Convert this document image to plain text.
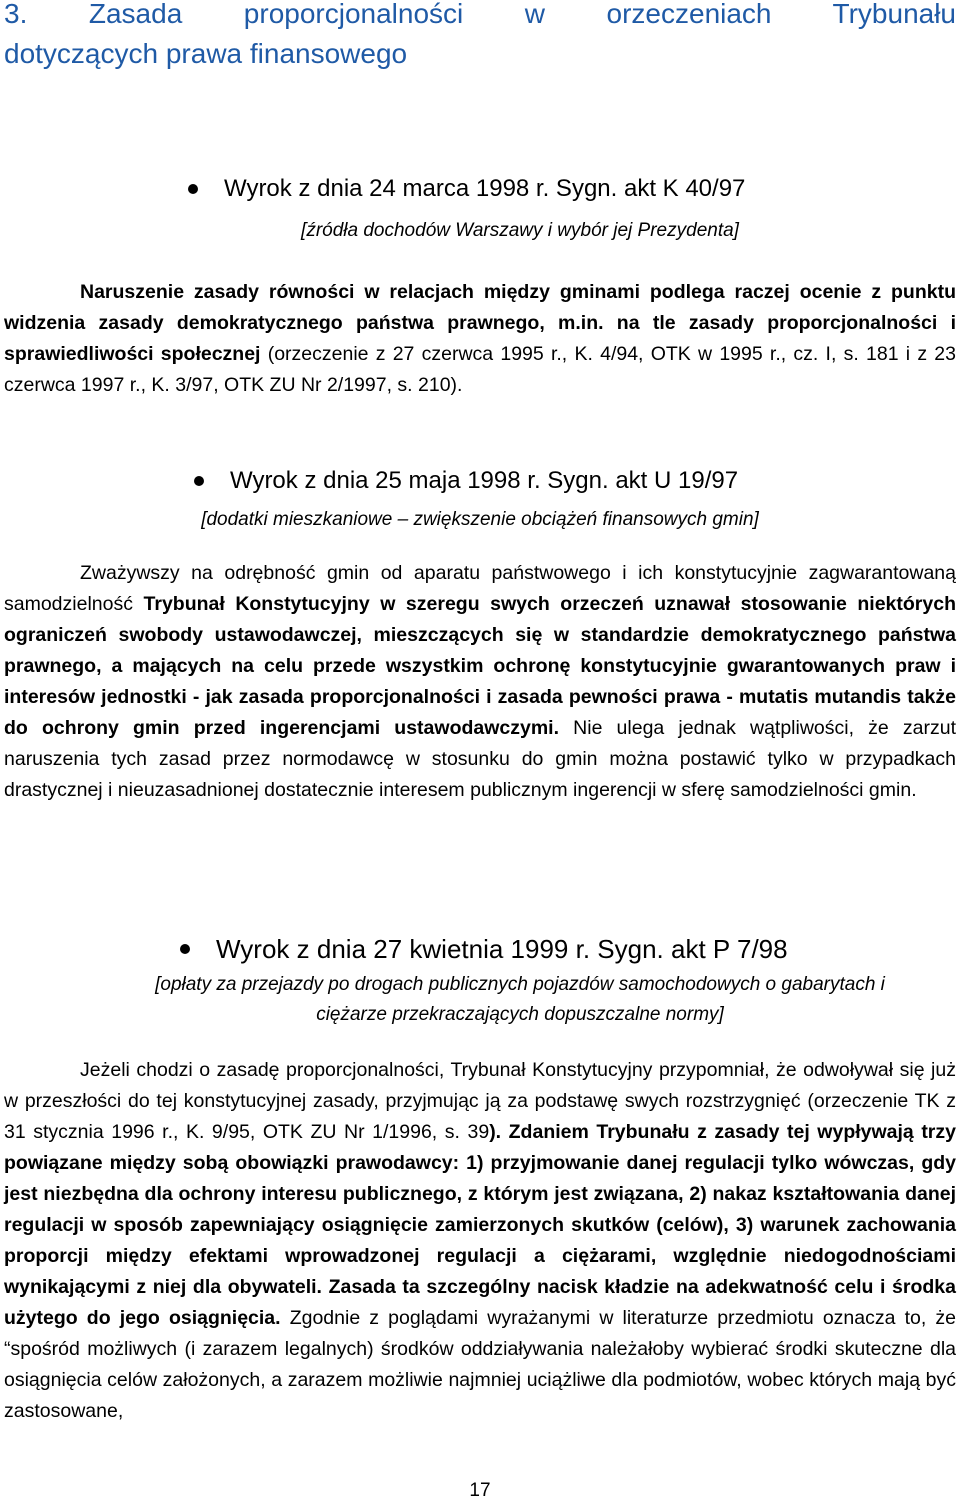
3. Zasada proporcjonalności w orzeczeniach Trybunału
dotyczących prawa finansowego
Wyrok z dnia 24 marca 1998 r. Sygn. akt K 40/97

[źródła dochodów Warszawy i wybór jej Prezydenta]

Naruszenie zasady równości w relacjach między gminami podlega raczej ocenie z punktu widzenia zasady demokratycznego państwa prawnego, m.in. na tle zasady proporcjonalności i sprawiedliwości społecznej (orzeczenie z 27 czerwca 1995 r., K. 4/94, OTK w 1995 r., cz. I, s. 181 i z 23 czerwca 1997 r., K. 3/97, OTK ZU Nr 2/1997, s. 210).

Wyrok z dnia 25 maja 1998 r. Sygn. akt U 19/97

[dodatki mieszkaniowe – zwiększenie obciążeń finansowych gmin]

Zważywszy na odrębność gmin od aparatu państwowego i ich konstytucyjnie zagwarantowaną samodzielność Trybunał Konstytucyjny w szeregu swych orzeczeń uznawał stosowanie niektórych ograniczeń swobody ustawodawczej, mieszczących się w standardzie demokratycznego państwa prawnego, a mających na celu przede wszystkim ochronę konstytucyjnie gwarantowanych praw i interesów jednostki - jak zasada proporcjonalności i zasada pewności prawa - mutatis mutandis także do ochrony gmin przed ingerencjami ustawodawczymi. Nie ulega jednak wątpliwości, że zarzut naruszenia tych zasad przez normodawcę w stosunku do gmin można postawić tylko w przypadkach drastycznej i nieuzasadnionej dostatecznie interesem publicznym ingerencji w sferę samodzielności gmin.

Wyrok z dnia 27 kwietnia 1999 r. Sygn. akt P 7/98

[opłaty za przejazdy po drogach publicznych pojazdów samochodowych o gabarytach i
ciężarze przekraczających dopuszczalne normy]

Jeżeli chodzi o zasadę proporcjonalności, Trybunał Konstytucyjny przypomniał, że odwoływał się już w przeszłości do tej konstytucyjnej zasady, przyjmując ją za podstawę swych rozstrzygnięć (orzeczenie TK z 31 stycznia 1996 r., K. 9/95, OTK ZU Nr 1/1996, s. 39). Zdaniem Trybunału z zasady tej wypływają trzy powiązane między sobą obowiązki prawodawcy: 1) przyjmowanie danej regulacji tylko wówczas, gdy jest niezbędna dla ochrony interesu publicznego, z którym jest związana, 2) nakaz kształtowania danej regulacji w sposób zapewniający osiągnięcie zamierzonych skutków (celów), 3) warunek zachowania proporcji między efektami wprowadzonej regulacji a ciężarami, względnie niedogodnościami wynikającymi z niej dla obywateli. Zasada ta szczególny nacisk kładzie na adekwatność celu i środka użytego do jego osiągnięcia. Zgodnie z poglądami wyrażanymi w literaturze przedmiotu oznacza to, że “spośród możliwych (i zarazem legalnych) środków oddziaływania należałoby wybierać środki skuteczne dla osiągnięcia celów założonych, a zarazem możliwie najmniej uciążliwe dla podmiotów, wobec których mają być zastosowane,

17
